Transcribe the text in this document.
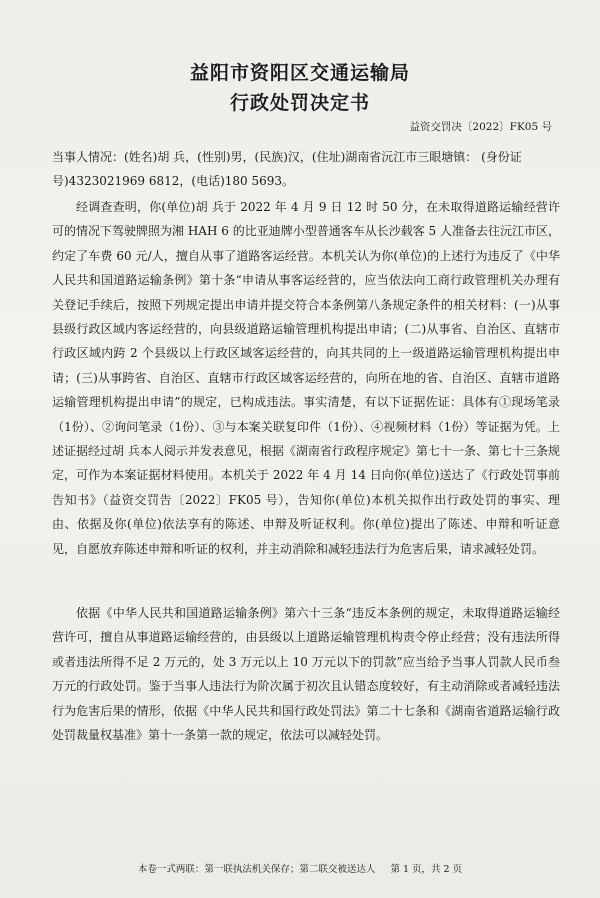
益阳市资阳区交通运输局
行政处罚决定书
益资交罚决〔2022〕FK05 号
当事人情况：(姓名)胡 兵，(性别)男，(民族)汉，(住址)湖南省沅江市三眼塘镇： (身份证号)4323021969 6812，(电话)180 5693。
经调查查明，你(单位)胡 兵于 2022 年 4 月 9 日 12 时 50 分，在未取得道路运输经营许可的情况下驾驶牌照为湘 HAH 6 的比亚迪牌小型普通客车从长沙载客 5 人准备去往沅江市区，约定了车费 60 元/人，擅自从事了道路客运经营。本机关认为你(单位)的上述行为违反了《中华人民共和国道路运输条例》第十条“申请从事客运经营的，应当依法向工商行政管理机关办理有关登记手续后，按照下列规定提出申请并提交符合本条例第八条规定条件的相关材料：(一)从事县级行政区域内客运经营的，向县级道路运输管理机构提出申请；(二)从事省、自治区、直辖市行政区域内跨 2 个县级以上行政区域客运经营的，向其共同的上一级道路运输管理机构提出申请；(三)从事跨省、自治区、直辖市行政区域客运经营的，向所在地的省、自治区、直辖市道路运输管理机构提出申请”的规定，已构成违法。事实清楚，有以下证据佐证：具体有①现场笔录（1份）、②询问笔录（1份）、③与本案关联复印件（1份）、④视频材料（1份）等证据为凭。上述证据经过胡 兵本人阅示并发表意见，根据《湖南省行政程序规定》第七十一条、第七十三条规定，可作为本案证据材料使用。本机关于 2022 年 4 月 14 日向你(单位)送达了《行政处罚事前告知书》（益资交罚告〔2022〕FK05 号），告知你(单位)本机关拟作出行政处罚的事实、理由、依据及你(单位)依法享有的陈述、申辩及听证权利。你(单位)提出了陈述、申辩和听证意见，自愿放弃陈述申辩和听证的权利，并主动消除和减轻违法行为危害后果，请求减轻处罚。
依据《中华人民共和国道路运输条例》第六十三条“违反本条例的规定，未取得道路运输经营许可，擅自从事道路运输经营的，由县级以上道路运输管理机构责令停止经营；没有违法所得或者违法所得不足 2 万元的，处 3 万元以上 10 万元以下的罚款”应当给予当事人罚款人民币叁万元的行政处罚。鉴于当事人违法行为阶次属于初次且认错态度较好，有主动消除或者减轻违法行为危害后果的情形，依据《中华人民共和国行政处罚法》第二十七条和《湖南省道路运输行政处罚裁量权基准》第十一条第一款的规定，依法可以减轻处罚。
本卷一式两联：第一联执法机关保存；第二联交被送达人 第 1 页，共 2 页
